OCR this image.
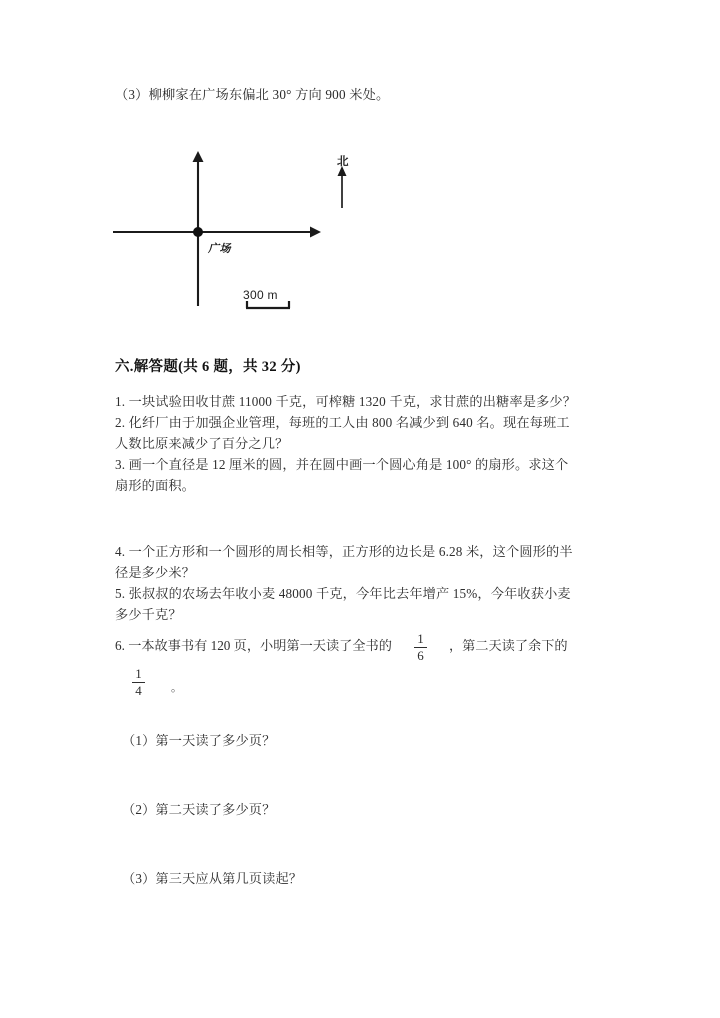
（3）柳柳家在广场东偏北 30° 方向 900 米处。
广场
北
300 m
六.解答题(共 6 题，共 32 分)
1. 一块试验田收甘蔗 11000 千克，可榨糖 1320 千克，求甘蔗的出糖率是多少？
2. 化纤厂由于加强企业管理，每班的工人由 800 名减少到 640 名。现在每班工
人数比原来减少了百分之几？
3. 画一个直径是 12 厘米的圆，并在圆中画一个圆心角是 100° 的扇形。求这个
扇形的面积。
4. 一个正方形和一个圆形的周长相等，正方形的边长是 6.28 米，这个圆形的半
径是多少米？
5. 张叔叔的农场去年收小麦 48000 千克，今年比去年增产 15%，今年收获小麦
多少千克？
6. 一本故事书有 120 页，小明第一天读了全书的 $\frac{1}{6}$ ，第二天读了余下的
$\frac{1}{4}$ 。
（1）第一天读了多少页？
（2）第二天读了多少页？
（3）第三天应从第几页读起？
